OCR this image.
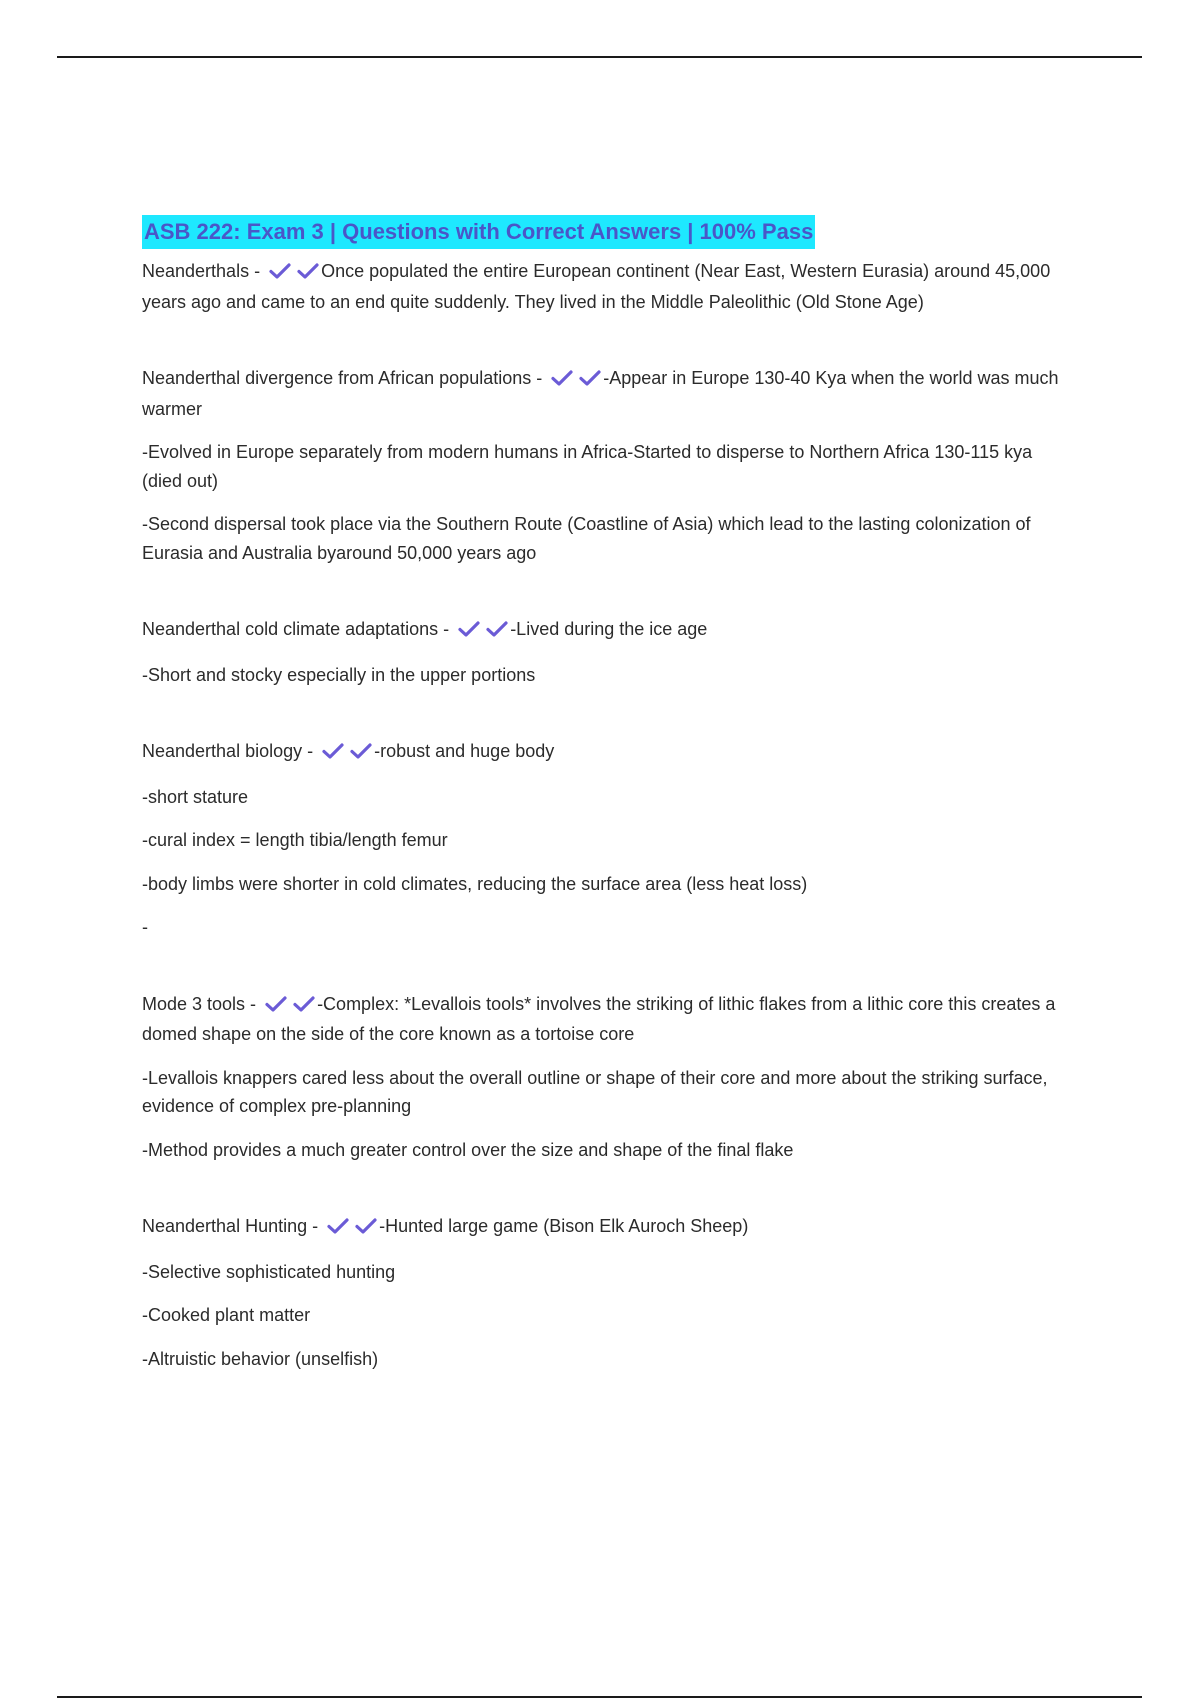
ASB 222: Exam 3 | Questions with Correct Answers | 100% Pass
Neanderthals -	Once populated the entire European continent (Near East, Western Eurasia) around 45,000 years ago and came to an end quite suddenly. They lived in the Middle Paleolithic (Old Stone Age)
Neanderthal divergence from African populations -	-Appear in Europe 130-40 Kya when the world was much warmer
-Evolved in Europe separately from modern humans in Africa-Started to disperse to Northern Africa 130-115 kya (died out)
-Second dispersal took place via the Southern Route (Coastline of Asia) which lead to the lasting colonization of Eurasia and Australia byaround 50,000 years ago
Neanderthal cold climate adaptations -	-Lived during the ice age
-Short and stocky especially in the upper portions
Neanderthal biology -	-robust and huge body
-short stature
-cural index = length tibia/length femur
-body limbs were shorter in cold climates, reducing the surface area (less heat loss)
-
Mode 3 tools -	-Complex: *Levallois tools* involves the striking of lithic flakes from a lithic core this creates a domed shape on the side of the core known as a tortoise core
-Levallois knappers cared less about the overall outline or shape of their core and more about the striking surface, evidence of complex pre-planning
-Method provides a much greater control over the size and shape of the final flake
Neanderthal Hunting -	-Hunted large game (Bison Elk Auroch Sheep)
-Selective sophisticated hunting
-Cooked plant matter
-Altruistic behavior (unselfish)
